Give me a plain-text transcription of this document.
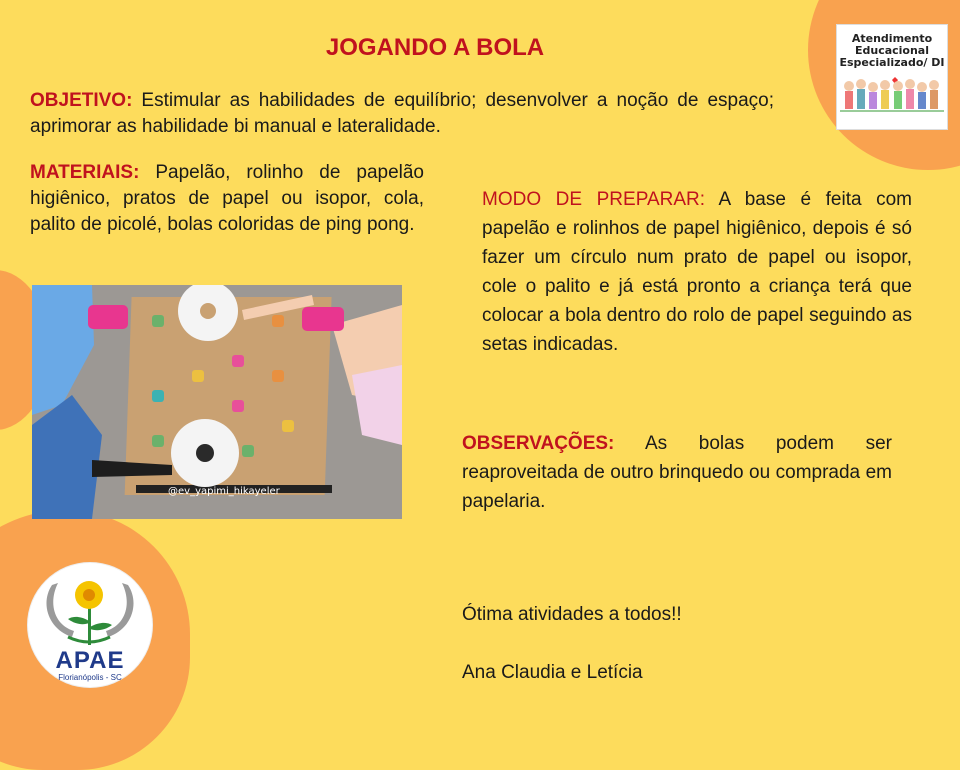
Atendimento
Educacional
Especializado/ DI
JOGANDO A BOLA

OBJETIVO: Estimular as habilidades de equilíbrio; desenvolver a noção de espaço; aprimorar as habilidade bi manual e lateralidade.

MATERIAIS: Papelão, rolinho de papelão higiênico, pratos de papel ou isopor, cola, palito de picolé, bolas coloridas de ping pong.

MODO DE PREPARAR: A base é feita com papelão e rolinhos de papel higiênico, depois é só fazer um círculo num prato de papel ou isopor, cole o palito e já está pronto a criança terá que colocar a bola dentro do rolo de papel seguindo as setas indicadas.

OBSERVAÇÕES: As bolas podem ser reaproveitada de outro brinquedo ou comprada em papelaria.

Ótima atividades a todos!!

Ana Claudia e Letícia

@ev_yapimi_hikayeler
APAE
Florianópolis - SC
